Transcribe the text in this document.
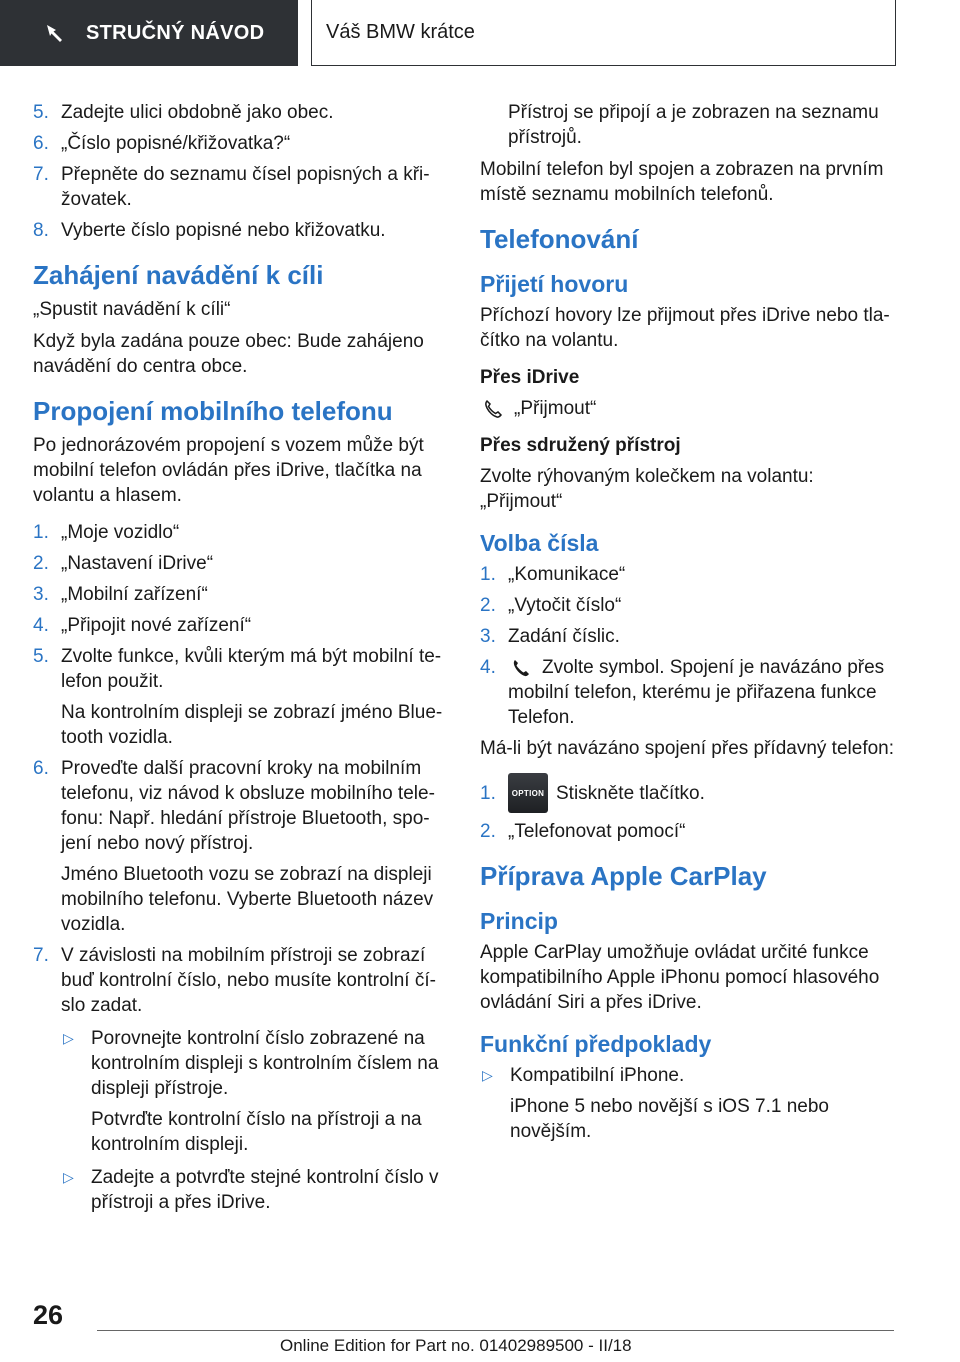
STRUČNÝ NÁVOD	Váš BMW krátce
5. Zadejte ulici obdobně jako obec.

6. „Číslo popisné/křižovatka?“

7. Přepněte do seznamu čísel popisných a křižovatek.

8. Vyberte číslo popisné nebo křižovatku.

Zahájení navádění k cíli

„Spustit navádění k cíli“

Když byla zadána pouze obec: Bude zahájeno navádění do centra obce.

Propojení mobilního telefonu

Po jednorázovém propojení s vozem může být mobilní telefon ovládán přes iDrive, tlačítka na volantu a hlasem.

1. „Moje vozidlo“

2. „Nastavení iDrive“

3. „Mobilní zařízení“

4. „Připojit nové zařízení“

5. Zvolte funkce, kvůli kterým má být mobilní telefon použit.

Na kontrolním displeji se zobrazí jméno Bluetooth vozidla.

6. Proveďte další pracovní kroky na mobilním telefonu, viz návod k obsluze mobilního telefonu: Např. hledání přístroje Bluetooth, spojení nebo nový přístroj.

Jméno Bluetooth vozu se zobrazí na displeji mobilního telefonu. Vyberte Bluetooth název vozidla.

7. V závislosti na mobilním přístroji se zobrazí buď kontrolní číslo, nebo musíte kontrolní číslo zadat.

▷ Porovnejte kontrolní číslo zobrazené na kontrolním displeji s kontrolním číslem na displeji přístroje.

Potvrďte kontrolní číslo na přístroji a na kontrolním displeji.

▷ Zadejte a potvrďte stejné kontrolní číslo v přístroji a přes iDrive.

Přístroj se připojí a je zobrazen na seznamu přístrojů.

Mobilní telefon byl spojen a zobrazen na prvním místě seznamu mobilních telefonů.

Telefonování
Přijetí hovoru

Příchozí hovory lze přijmout přes iDrive nebo tlačítko na volantu.

Přes iDrive

„Přijmout“

Přes sdružený přístroj

Zvolte rýhovaným kolečkem na volantu: „Přijmout“

Volba čísla
1. „Komunikace“

2. „Vytočit číslo“

3. Zadání číslic.

4.	Zvolte symbol. Spojení je navázáno přes mobilní telefon, kterému je přiřazena funkce Telefon.

Má-li být navázáno spojení přes přídavný telefon:

1.	OPTION Stiskněte tlačítko.

2. „Telefonovat pomocí“

Příprava Apple CarPlay
Princip

Apple CarPlay umožňuje ovládat určité funkce kompatibilního Apple iPhonu pomocí hlasového ovládání Siri a přes iDrive.

Funkční předpoklady
▷ Kompatibilní iPhone.

iPhone 5 nebo novější s iOS 7.1 nebo novějším.

26
Online Edition for Part no. 01402989500 - II/18
